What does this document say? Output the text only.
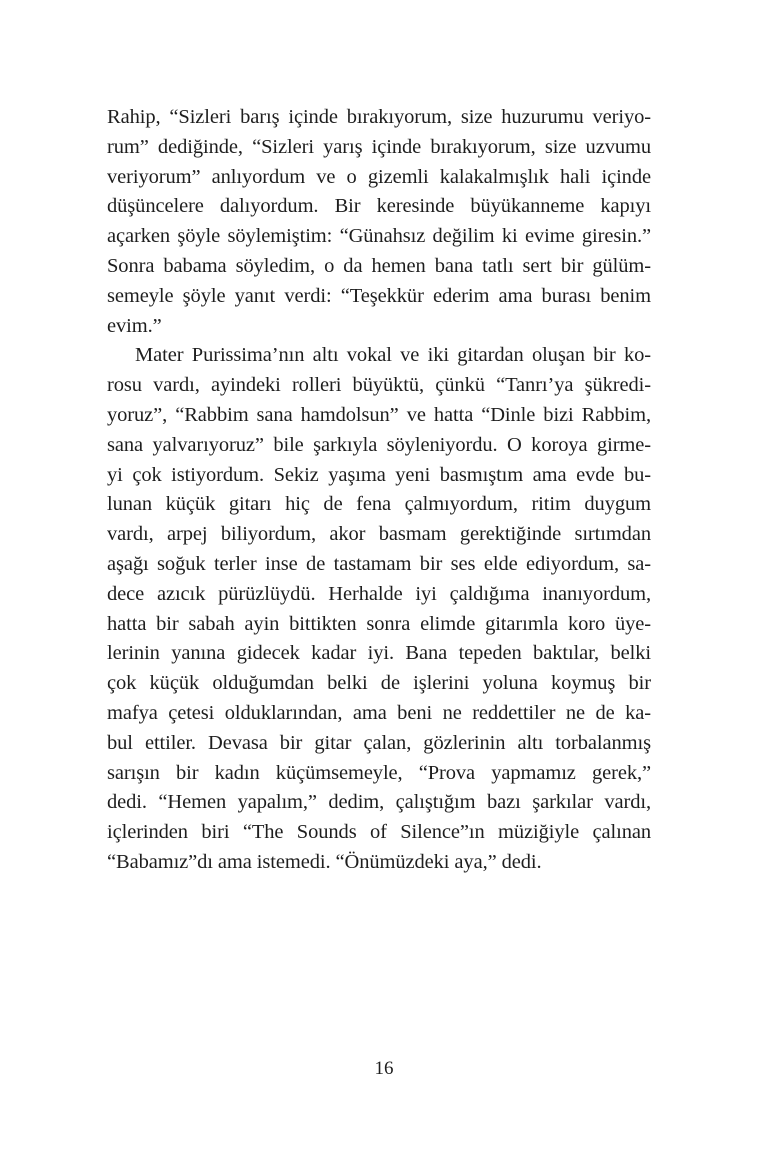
Rahip, “Sizleri barış içinde bırakıyorum, size huzurumu veriyo-
rum” dediğinde, “Sizleri yarış içinde bırakıyorum, size uzvumu
veriyorum” anlıyordum ve o gizemli kalakalmışlık hali içinde
düşüncelere dalıyordum. Bir keresinde büyükanneme kapıyı
açarken şöyle söylemiştim: “Günahsız değilim ki evime giresin.”
Sonra babama söyledim, o da hemen bana tatlı sert bir gülüm-
semeyle şöyle yanıt verdi: “Teşekkür ederim ama burası benim
evim.”
Mater Purissima’nın altı vokal ve iki gitardan oluşan bir ko-
rosu vardı, ayindeki rolleri büyüktü, çünkü “Tanrı’ya şükredi-
yoruz”, “Rabbim sana hamdolsun” ve hatta “Dinle bizi Rabbim,
sana yalvarıyoruz” bile şarkıyla söyleniyordu. O koroya girme-
yi çok istiyordum. Sekiz yaşıma yeni basmıştım ama evde bu-
lunan küçük gitarı hiç de fena çalmıyordum, ritim duygum
vardı, arpej biliyordum, akor basmam gerektiğinde sırtımdan
aşağı soğuk terler inse de tastamam bir ses elde ediyordum, sa-
dece azıcık pürüzlüydü. Herhalde iyi çaldığıma inanıyordum,
hatta bir sabah ayin bittikten sonra elimde gitarımla koro üye-
lerinin yanına gidecek kadar iyi. Bana tepeden baktılar, belki
çok küçük olduğumdan belki de işlerini yoluna koymuş bir
mafya çetesi olduklarından, ama beni ne reddettiler ne de ka-
bul ettiler. Devasa bir gitar çalan, gözlerinin altı torbalanmış
sarışın bir kadın küçümsemeyle, “Prova yapmamız gerek,”
dedi. “Hemen yapalım,” dedim, çalıştığım bazı şarkılar vardı,
içlerinden biri “The Sounds of Silence”ın müziğiyle çalınan
“Babamız”dı ama istemedi. “Önümüzdeki aya,” dedi.
16
